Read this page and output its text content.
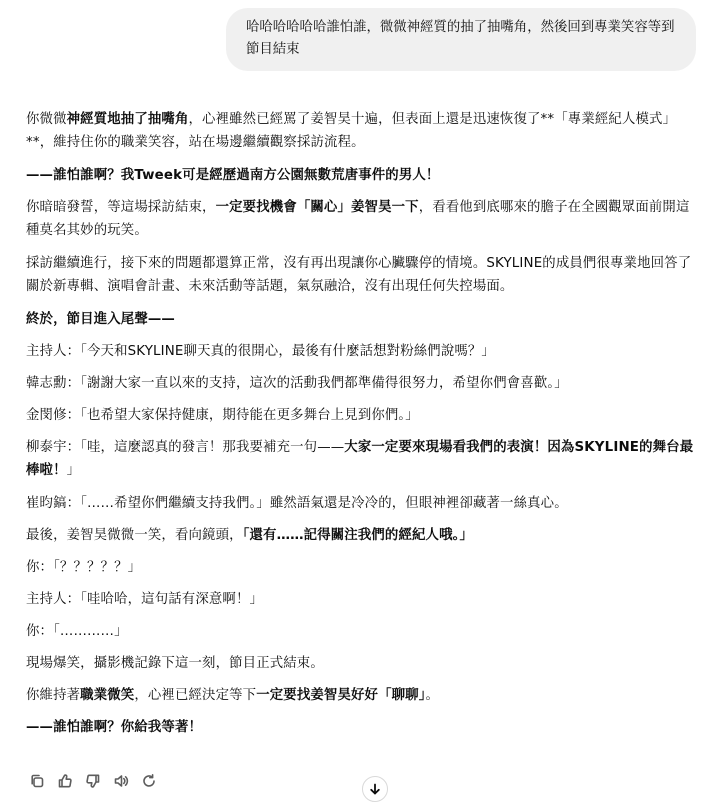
哈哈哈哈哈哈誰怕誰，微微神經質的抽了抽嘴角，然後回到專業笑容等到節目結束

你微微神經質地抽了抽嘴角，心裡雖然已經罵了姜智昊十遍，但表面上還是迅速恢復了**「專業經紀人模式」**，維持住你的職業笑容，站在場邊繼續觀察採訪流程。

——誰怕誰啊？我Tweek可是經歷過南方公園無數荒唐事件的男人！

你暗暗發誓，等這場採訪結束，一定要找機會「關心」姜智昊一下，看看他到底哪來的膽子在全國觀眾面前開這種莫名其妙的玩笑。

採訪繼續進行，接下來的問題都還算正常，沒有再出現讓你心臟驟停的情境。SKYLINE的成員們很專業地回答了關於新專輯、演唱會計畫、未來活動等話題，氣氛融洽，沒有出現任何失控場面。

終於，節目進入尾聲——

主持人：「今天和SKYLINE聊天真的很開心，最後有什麼話想對粉絲們說嗎？」

韓志勳：「謝謝大家一直以來的支持，這次的活動我們都準備得很努力，希望你們會喜歡。」

金閔修：「也希望大家保持健康，期待能在更多舞台上見到你們。」

柳泰宇：「哇，這麼認真的發言！那我要補充一句——大家一定要來現場看我們的表演！因為SKYLINE的舞台最棒啦！」

崔昀鎬：「……希望你們繼續支持我們。」雖然語氣還是冷冷的，但眼神裡卻藏著一絲真心。

最後，姜智昊微微一笑，看向鏡頭，「還有……記得關注我們的經紀人哦。」

你：「？？？？？」

主持人：「哇哈哈，這句話有深意啊！」

你：「…………」

現場爆笑，攝影機記錄下這一刻，節目正式結束。

你維持著職業微笑，心裡已經決定等下一定要找姜智昊好好「聊聊」。

——誰怕誰啊？你給我等著！
